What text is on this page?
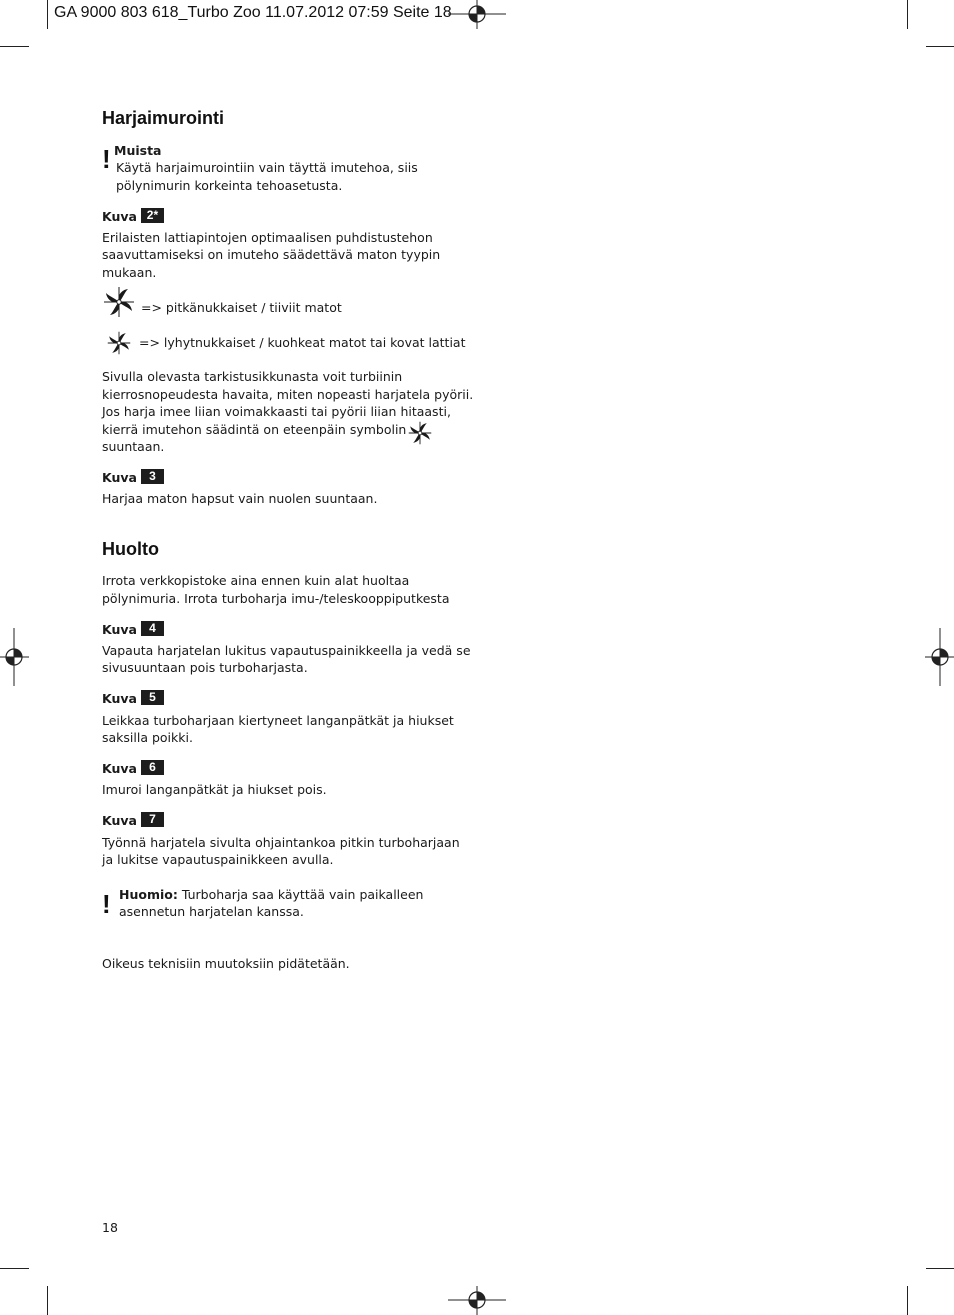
GA 9000 803 618_Turbo Zoo 11.07.2012 07:59 Seite 18
Harjaimurointi
! Muista
Käytä harjaimurointiin vain täyttä imutehoa, siis
pölynimurin korkeinta tehoasetusta.
Kuva 2*
Erilaisten lattiapintojen optimaalisen puhdistustehon
saavuttamiseksi on imuteho säädettävä maton tyypin
mukaan.
=> pitkänukkaiset / tiiviit matot
=> lyhytnukkaiset / kuohkeat matot tai kovat lattiat
Sivulla olevasta tarkistusikkunasta voit turbiinin
kierrosnopeudesta havaita, miten nopeasti harjatela pyörii.
Jos harja imee liian voimakkaasti tai pyörii liian hitaasti,
kierrä imutehon säädintä on eteenpäin symbolin
suuntaan.
Kuva 3
Harjaa maton hapsut vain nuolen suuntaan.
Huolto
Irrota verkkopistoke aina ennen kuin alat huoltaa
pölynimuria. Irrota turboharja imu-/teleskooppiputkesta
Kuva 4
Vapauta harjatelan lukitus vapautuspainikkeella ja vedä se
sivusuuntaan pois turboharjasta.
Kuva 5
Leikkaa turboharjaan kiertyneet langanpätkät ja hiukset
saksilla poikki.
Kuva 6
Imuroi langanpätkät ja hiukset pois.
Kuva 7
Työnnä harjatela sivulta ohjaintankoa pitkin turboharjaan
ja lukitse vapautuspainikkeen avulla.
! Huomio: Turboharja saa käyttää vain paikalleen
asennetun harjatelan kanssa.
Oikeus teknisiin muutoksiin pidätetään.
18
